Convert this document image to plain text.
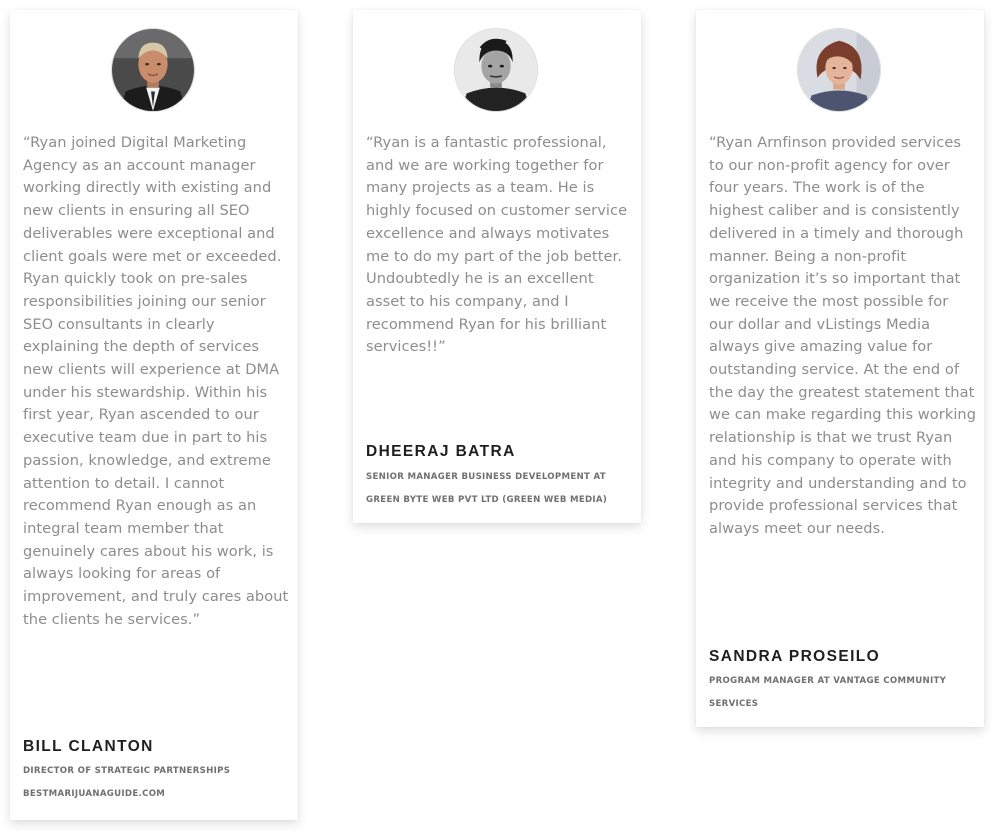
“Ryan joined Digital Marketing Agency as an account manager working directly with existing and new clients in ensuring all SEO deliverables were exceptional and client goals were met or exceeded. Ryan quickly took on pre-sales responsibilities joining our senior SEO consultants in clearly explaining the depth of services new clients will experience at DMA under his stewardship. Within his first year, Ryan ascended to our executive team due in part to his passion, knowledge, and extreme attention to detail. I cannot recommend Ryan enough as an integral team member that genuinely cares about his work, is always looking for areas of improvement, and truly cares about the clients he services.”

BILL CLANTON

DIRECTOR OF STRATEGIC PARTNERSHIPS BESTMARIJUANAGUIDE.COM

“Ryan is a fantastic professional, and we are working together for many projects as a team. He is highly focused on customer service excellence and always motivates me to do my part of the job better. Undoubtedly he is an excellent asset to his company, and I recommend Ryan for his brilliant services!!”

DHEERAJ BATRA

SENIOR MANAGER BUSINESS DEVELOPMENT AT GREEN BYTE WEB PVT LTD (GREEN WEB MEDIA)

“Ryan Arnfinson provided services to our non-profit agency for over four years. The work is of the highest caliber and is consistently delivered in a timely and thorough manner. Being a non-profit organization it’s so important that we receive the most possible for our dollar and vListings Media always give amazing value for outstanding service. At the end of the day the greatest statement that we can make regarding this working relationship is that we trust Ryan and his company to operate with integrity and understanding and to provide professional services that always meet our needs.

SANDRA PROSEILO

PROGRAM MANAGER AT VANTAGE COMMUNITY SERVICES
